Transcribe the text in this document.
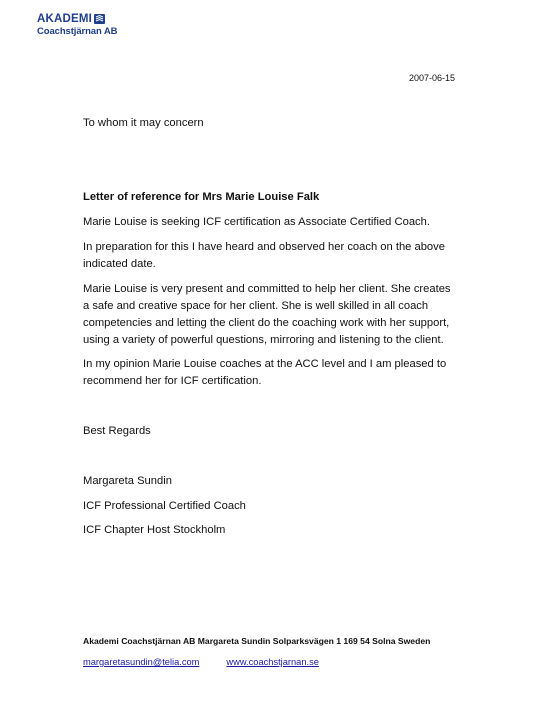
AKADEMI
Coachstjärnan AB
2007-06-15
To whom it may concern
Letter of reference for Mrs Marie Louise Falk
Marie Louise is seeking ICF certification as Associate Certified Coach.
In preparation for this I have heard and observed her coach on the above indicated date.
Marie Louise is very present and committed to help her client. She creates a safe and creative space for her client. She is well skilled in all coach competencies and letting the client do the coaching work with her support, using a variety of powerful questions, mirroring and listening to the client.
In my opinion Marie Louise coaches at the ACC level and I am pleased to recommend her for ICF certification.
Best Regards
Margareta Sundin
ICF Professional Certified Coach
ICF Chapter Host Stockholm
Akademi Coachstjärnan AB Margareta Sundin Solparksvägen 1 169 54 Solna Sweden
margaretasundin@telia.com	www.coachstjarnan.se
